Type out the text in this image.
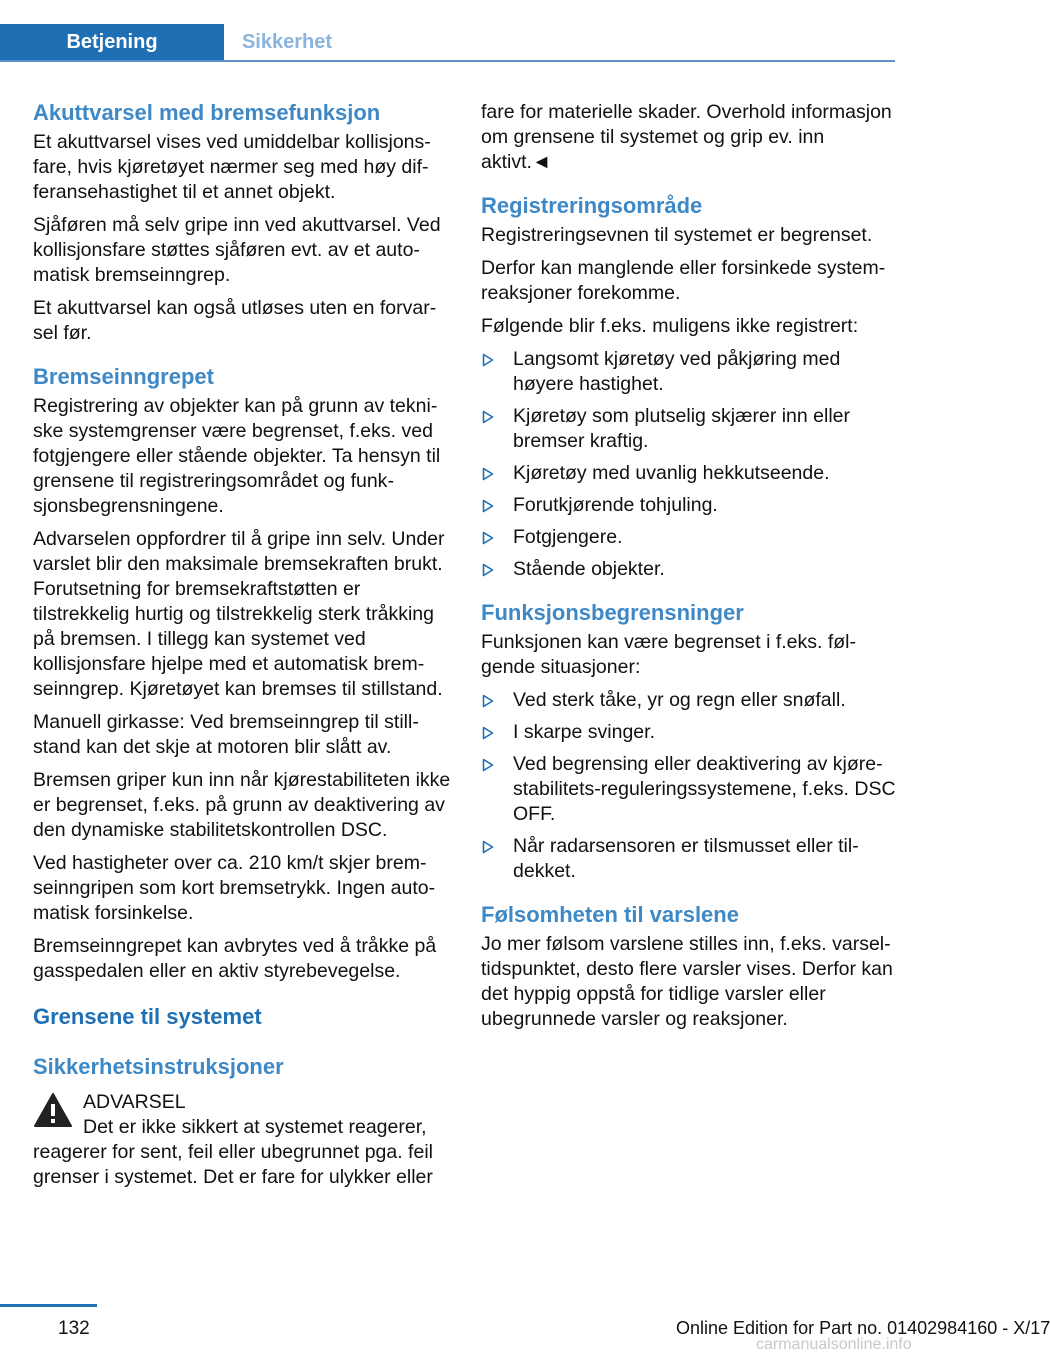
Betjening	Sikkerhet
Akuttvarsel med bremsefunksjon

Et akuttvarsel vises ved umiddelbar kollisjonsfare, hvis kjøretøyet nærmer seg med høy differansehastighet til et annet objekt.

Sjåføren må selv gripe inn ved akuttvarsel. Ved kollisjonsfare støttes sjåføren evt. av et automatisk bremseinngrep.

Et akuttvarsel kan også utløses uten en forvarsel før.

Bremseinngrepet

Registrering av objekter kan på grunn av tekniske systemgrenser være begrenset, f.eks. ved fotgjengere eller stående objekter. Ta hensyn til grensene til registreringsområdet og funksjonsbegrensningene.

Advarselen oppfordrer til å gripe inn selv. Under varslet blir den maksimale bremsekraften brukt. Forutsetning for bremsekraftstøtten er tilstrekkelig hurtig og tilstrekkelig sterk tråkking på bremsen. I tillegg kan systemet ved kollisjonsfare hjelpe med et automatisk bremseinngrep. Kjøretøyet kan bremses til stillstand.

Manuell girkasse: Ved bremseinngrep til stillstand kan det skje at motoren blir slått av.

Bremsen griper kun inn når kjørestabiliteten ikke er begrenset, f.eks. på grunn av deaktivering av den dynamiske stabilitetskontrollen DSC.

Ved hastigheter over ca. 210 km/t skjer bremseinngripen som kort bremsetrykk. Ingen automatisk forsinkelse.

Bremseinngrepet kan avbrytes ved å tråkke på gasspedalen eller en aktiv styrebevegelse.

Grensene til systemet
Sikkerhetsinstruksjoner
ADVARSEL

Det er ikke sikkert at systemet reagerer, reagerer for sent, feil eller ubegrunnet pga. feil grenser i systemet. Det er fare for ulykker eller

fare for materielle skader. Overhold informasjon om grensene til systemet og grip ev. inn aktivt.◄

Registreringsområde

Registreringsevnen til systemet er begrenset.

Derfor kan manglende eller forsinkede systemreaksjoner forekomme.

Følgende blir f.eks. muligens ikke registrert:

Langsomt kjøretøy ved påkjøring med høyere hastighet.
Kjøretøy som plutselig skjærer inn eller bremser kraftig.
Kjøretøy med uvanlig hekkutseende.
Forutkjørende tohjuling.
Fotgjengere.
Stående objekter.
Funksjonsbegrensninger

Funksjonen kan være begrenset i f.eks. følgende situasjoner:

Ved sterk tåke, yr og regn eller snøfall.
I skarpe svinger.
Ved begrensing eller deaktivering av kjørestabilitets-reguleringssystemene, f.eks. DSC OFF.
Når radarsensoren er tilsmusset eller tildekket.
Følsomheten til varslene

Jo mer følsom varslene stilles inn, f.eks. varseltidspunktet, desto flere varsler vises. Derfor kan det hyppig oppstå for tidlige varsler eller ubegrunnede varsler og reaksjoner.

132	Online Edition for Part no. 01402984160 - X/17
carmanualsonline.info
